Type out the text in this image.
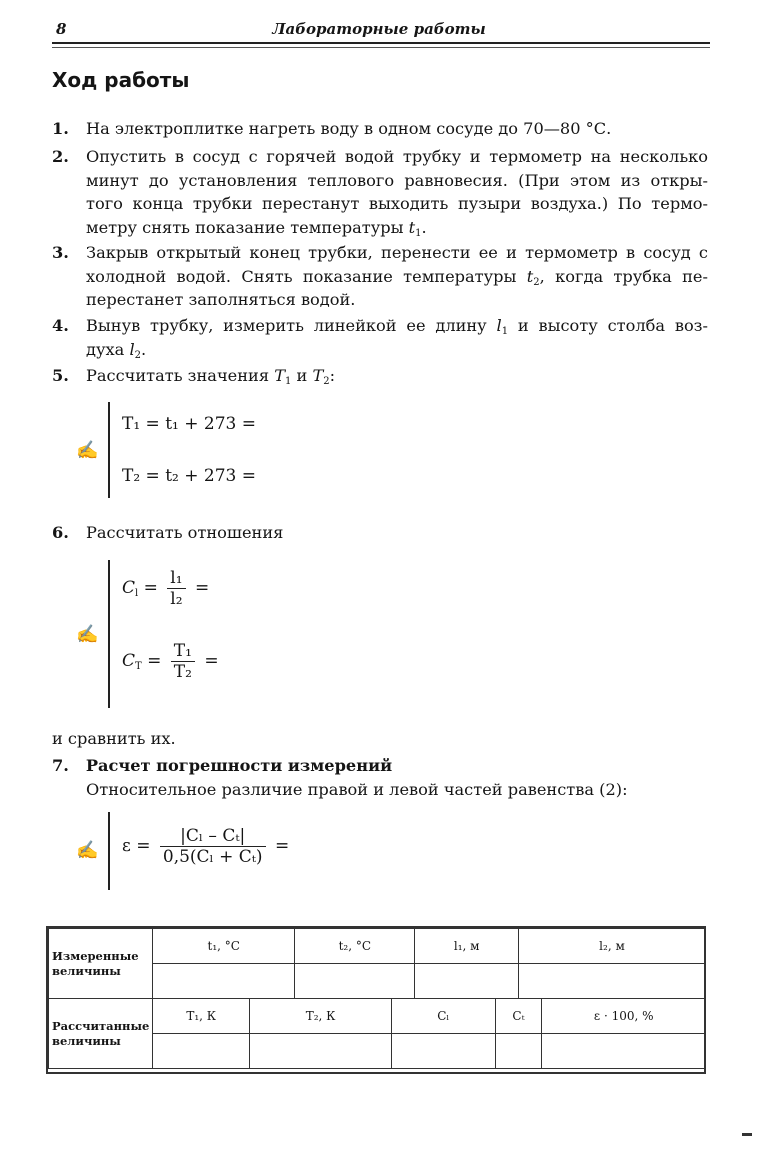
8	Лабораторные работы
Ход работы
1. На электроплитке нагреть воду в одном сосуде до 70—80 °С.
2. Опустить в сосуд с горячей водой трубку и термометр на несколько
минут до установления теплового равновесия. (При этом из откры-
того конца трубки перестанут выходить пузыри воздуха.) По термо-
метру снять показание температуры $t_1$.
3. Закрыв открытый конец трубки, перенести ее и термометр в сосуд с
холодной водой. Снять показание температуры $t_2$, когда трубка пе-
перестанет заполняться водой.
4. Вынув трубку, измерить линейкой ее длину $l_1$ и высоту столба воз-
духа $l_2$.
5. Рассчитать значения $T_1$ и $T_2$:
✍
T₁ = t₁ + 273 =
T₂ = t₂ + 273 =
6. Рассчитать отношения
✍
$C_l = \frac{\text{l₁}}{\text{l₂}}$ =
$C_T = \frac{\text{T₁}}{\text{T₂}}$ =
и сравнить их.
7. Расчет погрешности измерений
Относительное различие правой и левой частей равенства (2):
✍ $\varepsilon = \frac{\text{|Cₗ – Cₜ|}}{\text{0,5(Cₗ + Cₜ)}}$ =
Измеренные
величины	t₁, °С		t₂, °С		l₁, м		l₂, м	

Рассчитанные
величины	T₁, К	T₂, К		Cₗ		Cₜ		ε · 100, %
